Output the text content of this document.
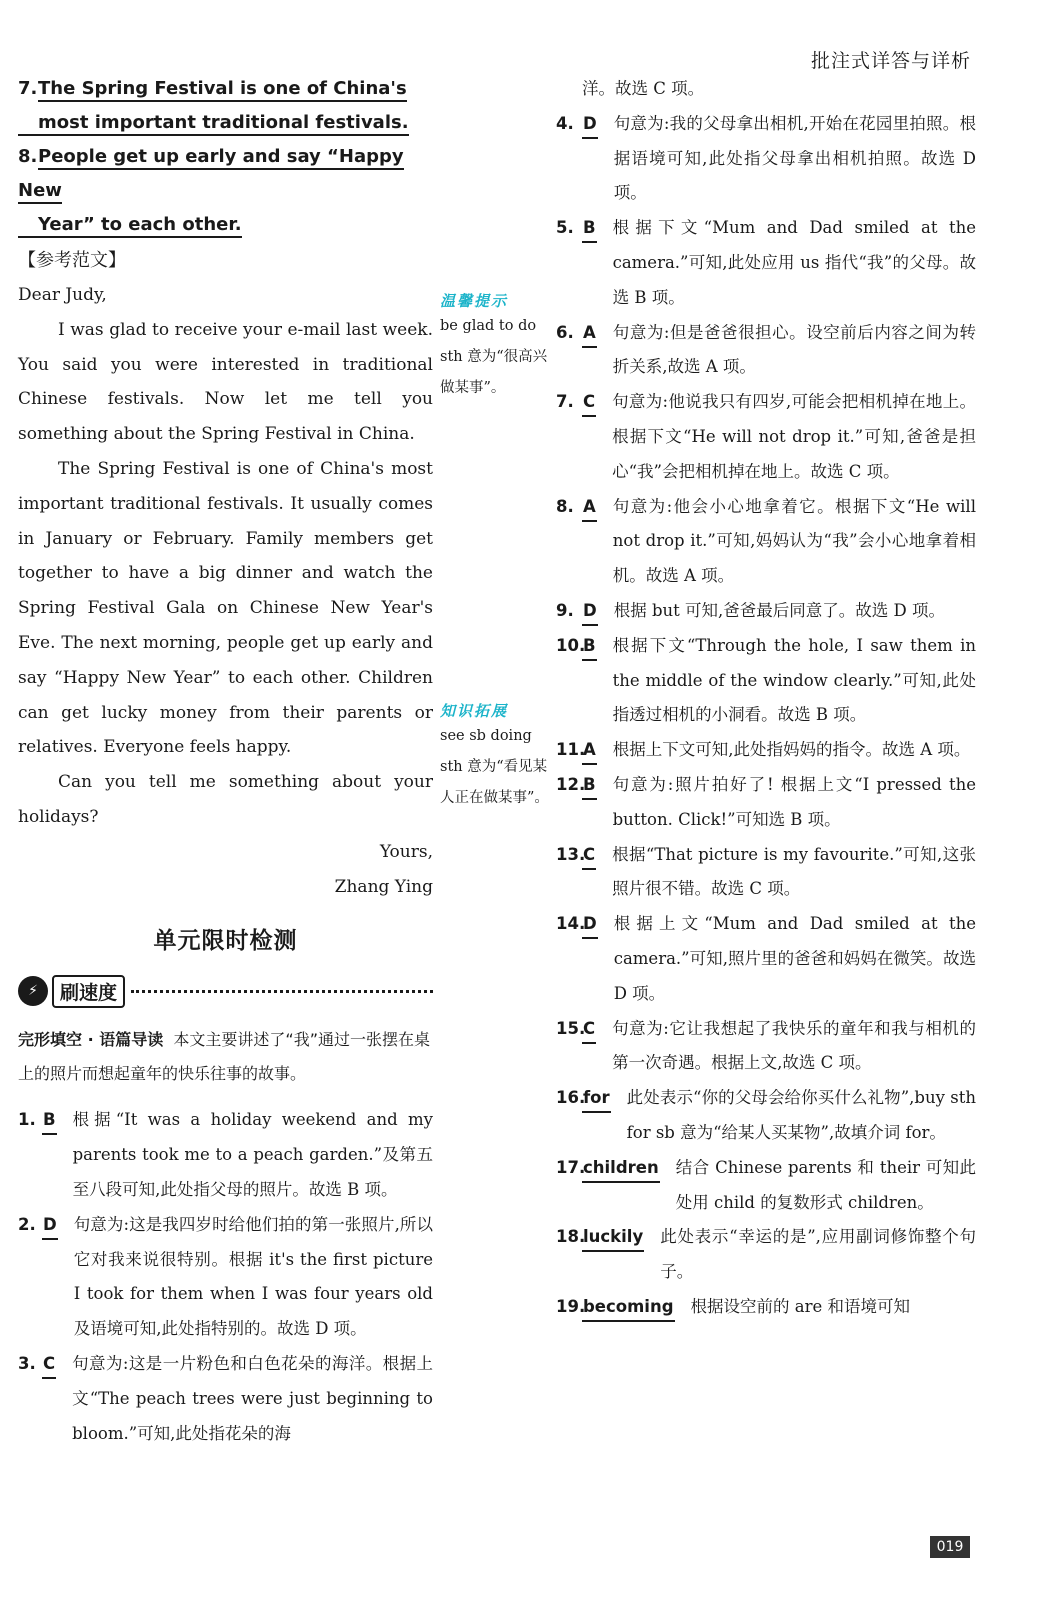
批注式详答与详析

7.The Spring Festival is one of China's

most important traditional festivals.

8.People get up early and say “Happy New

Year” to each other.

【参考范文】

Dear Judy,

I was glad to receive your e-mail last week. You said you were interested in traditional Chinese festivals. Now let me tell you something about the Spring Festival in China.

The Spring Festival is one of China's most important traditional festivals. It usually comes in January or February. Family members get together to have a big dinner and watch the Spring Festival Gala on Chinese New Year's Eve. The next morning, people get up early and say “Happy New Year” to each other. Children can get lucky money from their parents or relatives. Everyone feels happy.

Can you tell me something about your holidays?

Yours,

Zhang Ying

单元限时检测
⚡	刷速度
完形填空 · 语篇导读 本文主要讲述了“我”通过一张摆在桌上的照片而想起童年的快乐往事的故事。
1. B 根据“It was a holiday weekend and my parents took me to a peach garden.”及第五至八段可知,此处指父母的照片。故选 B 项。
2. D 句意为:这是我四岁时给他们拍的第一张照片,所以它对我来说很特别。根据 it's the first picture I took for them when I was four years old 及语境可知,此处指特别的。故选 D 项。
3. C 句意为:这是一片粉色和白色花朵的海洋。根据上文“The peach trees were just beginning to bloom.”可知,此处指花朵的海
温馨提示
be glad to do sth 意为“很高兴做某事”。
知识拓展
see sb doing sth 意为“看见某人正在做某事”。
洋。故选 C 项。
4. D 句意为:我的父母拿出相机,开始在花园里拍照。根据语境可知,此处指父母拿出相机拍照。故选 D 项。
5. B 根据下文“Mum and Dad smiled at the camera.”可知,此处应用 us 指代“我”的父母。故选 B 项。
6. A 句意为:但是爸爸很担心。设空前后内容之间为转折关系,故选 A 项。
7. C 句意为:他说我只有四岁,可能会把相机掉在地上。根据下文“He will not drop it.”可知,爸爸是担心“我”会把相机掉在地上。故选 C 项。
8. A 句意为:他会小心地拿着它。根据下文“He will not drop it.”可知,妈妈认为“我”会小心地拿着相机。故选 A 项。
9. D 根据 but 可知,爸爸最后同意了。故选 D 项。
10.
B 根据下文“Through the hole, I saw them in the middle of the window clearly.”可知,此处指透过相机的小洞看。故选 B 项。
11.
A 根据上下文可知,此处指妈妈的指令。故选 A 项。
12.
B 句意为:照片拍好了! 根据上文“I pressed the button. Click!”可知选 B 项。
13.
C 根据“That picture is my favourite.”可知,这张照片很不错。故选 C 项。
14.
D 根据上文“Mum and Dad smiled at the camera.”可知,照片里的爸爸和妈妈在微笑。故选 D 项。
15.
C 句意为:它让我想起了我快乐的童年和我与相机的第一次奇遇。根据上文,故选 C 项。
16.
for 此处表示“你的父母会给你买什么礼物”,buy sth for sb 意为“给某人买某物”,故填介词 for。
17.
children 结合 Chinese parents 和 their 可知此处用 child 的复数形式 children。
18.
luckily 此处表示“幸运的是”,应用副词修饰整个句子。
19.
becoming 根据设空前的 are 和语境可知
019
